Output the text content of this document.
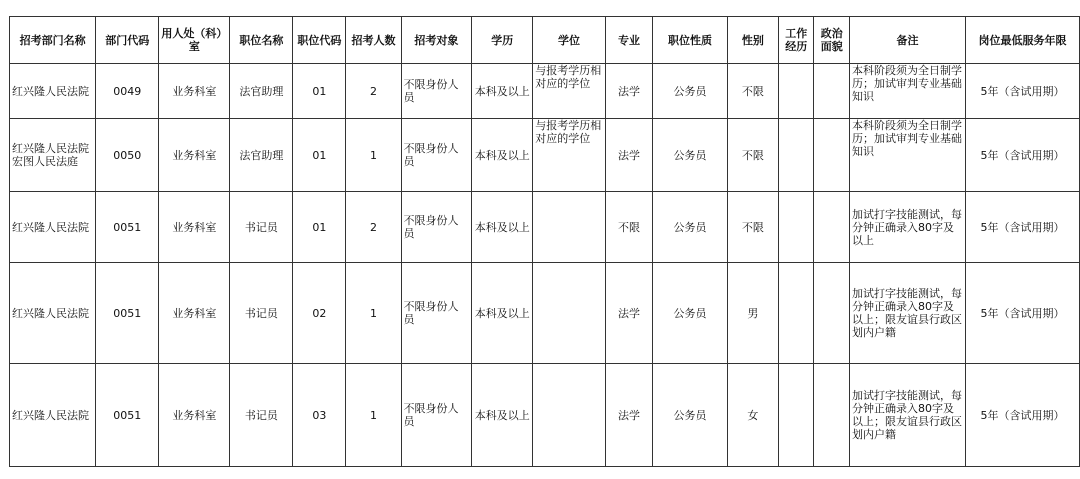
招考部门名称	部门代码	用人处（科）室	职位名称	职位代码	招考人数	招考对象	学历	学位	专业	职位性质	性别	工作经历	政治面貌	备注	岗位最低服务年限
红兴隆人民法院	0049	业务科室	法官助理	01	2	不限身份人员	本科及以上	与报考学历相对应的学位	法学	公务员	不限			本科阶段须为全日制学历；加试审判专业基础知识	5年（含试用期）
红兴隆人民法院宏图人民法庭	0050	业务科室	法官助理	01	1	不限身份人员	本科及以上	与报考学历相对应的学位	法学	公务员	不限			本科阶段须为全日制学历；加试审判专业基础知识	5年（含试用期）
红兴隆人民法院	0051	业务科室	书记员	01	2	不限身份人员	本科及以上		不限	公务员	不限			加试打字技能测试，每分钟正确录入80字及以上	5年（含试用期）
红兴隆人民法院	0051	业务科室	书记员	02	1	不限身份人员	本科及以上		法学	公务员	男			加试打字技能测试，每分钟正确录入80字及以上；限友谊县行政区划内户籍	5年（含试用期）
红兴隆人民法院	0051	业务科室	书记员	03	1	不限身份人员	本科及以上		法学	公务员	女			加试打字技能测试，每分钟正确录入80字及以上；限友谊县行政区划内户籍	5年（含试用期）
